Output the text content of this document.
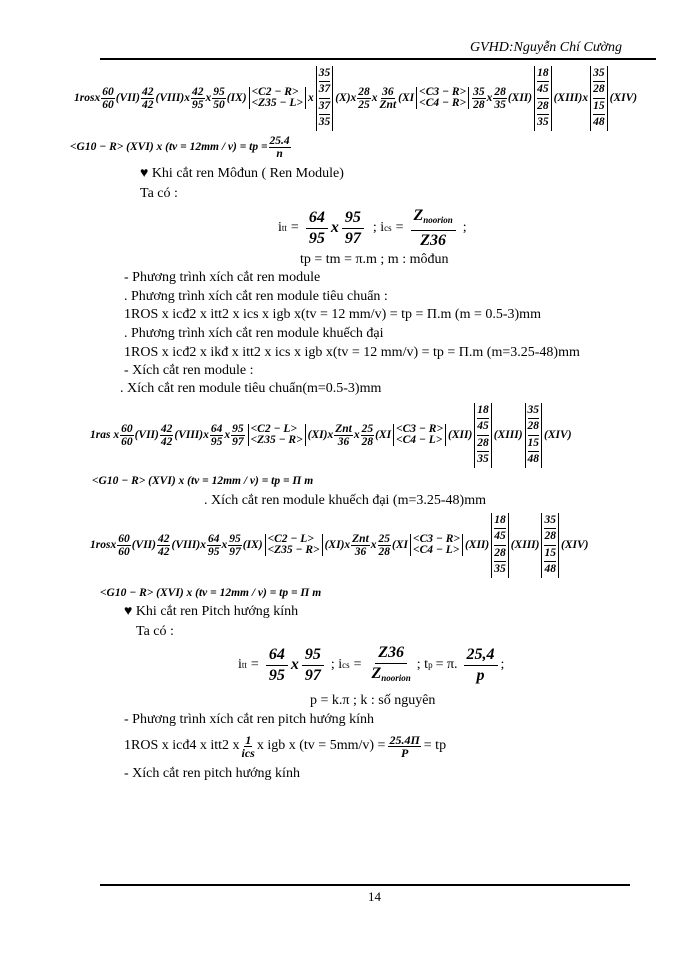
GVHD:Nguyễn Chí Cường
1rosx
60
60
(VII)
42
42
(VIII)x
42
95
x
95
50
(IX) <C2 − R>
<Z35 − L> x
35
37
37
35
(X)x
28
25
x
36
Znt
(XI <C3 − R>
<C4 − R>
35
28
x
28
35
(XII)
18
45
28
35
(XIII)x
35
28
15
48
(XIV)
<G10 − R> (XVI) x (tv = 12mm / v) = tp = $\frac{25.4}{n}$
♥ Khi cắt ren Môđun ( Ren Module)
Ta có :
i tt = $\frac{64}{95}$ x
95
97
; i cs =
$Z_{noorion}$
Z36
;
tp = tm = π.m ; m : môđun
- Phương trình xích cắt ren module
. Phương trình xích cắt ren module tiêu chuẩn :
1ROS x icđ2 x itt2 x ics x igb x(tv = 12 mm/v) = tp = Π.m (m = 0.5-3)mm
. Phương trình xích cắt ren module khuếch đại
1ROS x icđ2 x ikđ x itt2 x ics x igb x(tv = 12 mm/v) = tp = Π.m (m=3.25-48)mm
- Xích cắt ren module :
. Xích cắt ren module tiêu chuẩn(m=0.5-3)mm
1ras x
60
60
(VII)
42
42
(VIII)x
64
95
x
95
97
<C2 − L>
<Z35 − R> (XI)x
Znt
36
x
25
28
(XI <C3 − R>
<C4 − L> (XII)
18
45
28
35
(XIII)
35
28
15
48
(XIV)
<G10 − R> (XVI) x (tv = 12mm / v) = tp = Π m
. Xích cắt ren module khuếch đại (m=3.25-48)mm
1rosx
60
60
(VII)
42
42
(VIII)x
64
95
x
95
97
(IX) <C2 − L>
<Z35 − R> (XI)x
Znt
36
x
25
28
(XI <C3 − R>
<C4 − L> (XII)
18
45
28
35
(XIII)
35
28
15
48
(XIV)
<G10 − R> (XVI) x (tv = 12mm / v) = tp = Π m
♥ Khi cắt ren Pitch hướng kính
Ta có :
i tt = $\frac{64}{95}$ x
95
97
; i cs =
Z36
$Z_{noorion}$
; t p = π.
25,4
p
;
p = k.π ; k : số nguyên
- Phương trình xích cắt ren pitch hướng kính
1ROS x icđ4 x itt2 x 1
ics x igb x $(tv = 5mm/v) = \frac{25.4\Pi}{P}$ = tp
- Xích cắt ren pitch hướng kính
14
